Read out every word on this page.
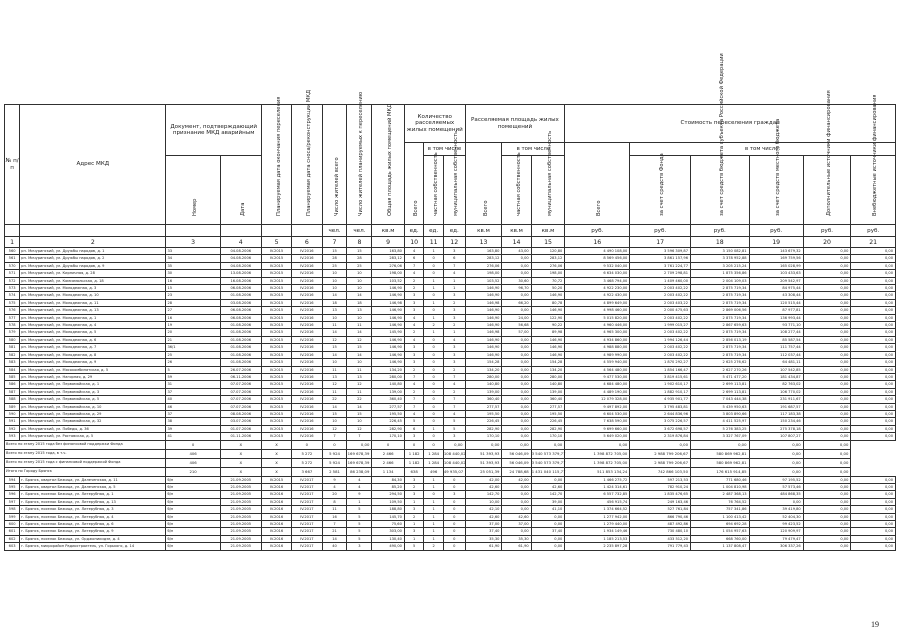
№ п/п	Адрес МКД	Документ, подтверждающий признание МКД аварийным		Планируемая дата окончания переселения	Планируемая дата сноса/реконструкции МКД	Число жителей всего	Число жителей планируемых к переселению	Общая площадь жилых помещений МКД	Количество расселяемых жилых помещений			Расселяемая площадь жилых помещений			Стоимость переселения граждан					

									Всего	в том числе		Всего	в том числе		Всего	в том числе:				

		Номер	Дата							частная собственность	муниципальная собственность		частная собственность	муниципальная собственность		за счет средств Фонда	за счет средств бюджета субъекта Российской Федерации	за счет средств местного бюджета	Дополнительные источники финансирования	Внебюджетные источники финансирования

						чел.	чел.	кв.м	ед.	ед.	ед.	кв.м	кв.м	кв.м	руб.	руб.	руб.	руб.	руб.	руб.
1	2	3	4	5	6	7	8	9	10	11	12	13	14	15	16	17	18	19	20	21
560	рп. Мичуринский, ул. Дружбы народов, д. 1	33	04.08.2006	IV.2015	IV.2016	15	15	163,80	4	1	3	163,80	43,00	120,80	4 490 108,00	3 596 309,87	3 150 082,81	143 679,32	0,00	0,00
561	рп. Мичуринский, ул. Дружбы народов, д. 2	34	04.08.2006	IV.2015	IV.2016	28	28	283,12	6	0	6	283,12	0,00	283,12	8 569 456,00	3 861 157,96	3 378 952,88	169 759,56	0,00	0,00
570	рп. Мичуринский, ул. Дружбы народов, д. 9	35	04.08.2006	IV.2015	IV.2016	25	25	276,06	7	0	7	276,06	0,00	276,06	9 532 040,00	3 761 224,77	3 205 215,24	165 028,99	0,00	0,00
571	рп. Мичуринский, ул. Кирпичная, д. 28	30	13.08.2006	IV.2015	IV.2016	10	10	198,00	4	0	4	198,00	0,00	198,00	6 634 030,00	2 709 298,81	1 875 356,86	103 433,63	0,00	0,00
572	рп. Мичуринский, ул. Комсомольская, д. 18	16	16.08.2006	IV.2015	IV.2016	10	10	103,52	2	1	1	103,52	30,60	70,72	3 468 794,00	1 409 460,00	2 004 109,03	209 542,97	0,00	0,00
573	рп. Мичуринский, ул. Молодежная, д. 3	15	06.08.2006	IV.2015	IV.2016	10	10	146,90	2	1	1	146,90	96,70	50,20	4 922 230,00	2 003 402,22	2 875 719,34	84 975,44	0,00	0,00
574	рп. Мичуринский, ул. Молодежная, д. 10	23	01.08.2006	IV.2015	IV.2016	14	14	146,90	3	0	3	146,90	0,00	146,90	4 922 430,00	2 003 402,22	2 875 719,34	43 308,44	0,00	0,00
575	рп. Мичуринский, ул. Молодежная, д. 11	28	03.08.2006	IV.2015	IV.2016	18	18	146,98	3	1	2	146,98	66,20	80,78	4 899 649,00	2 003 403,22	2 875 719,34	120 515,44	0,00	0,00
576	рп. Мичуринский, ул. Молодежная, д. 13	27	06.08.2006	IV.2015	IV.2016	13	13	146,90	3	0	3	146,90	0,00	146,90	4 998 460,00	2 000 475,63	2 869 006,56	87 977,81	0,00	0,00
577	рп. Мичуринский, ул. Молодежная, д. 1	16	06.08.2006	IV.2015	IV.2016	10	10	146,90	4	1	3	146,90	24,00	122,90	5 015 820,00	2 003 402,22	2 875 719,34	136 993,44	0,00	0,00
578	рп. Мичуринский, ул. Молодежная, д. 4	19	01.08.2006	IV.2015	IV.2016	11	11	146,90	4	2	2	146,90	56,68	90,22	4 960 446,00	1 999 015,27	2 867 659,63	93 771,10	0,00	0,00
579	рп. Мичуринский, ул. Молодежная, д. 5	20	01.08.2006	IV.2015	IV.2016	14	14	145,90	2	1	1	146,98	57,00	89,98	4 965 300,00	2 003 402,22	2 875 719,34	108 277,44	0,00	0,00
580	рп. Мичуринский, ул. Молодежная, д. 6	21	01.08.2006	IV.2015	IV.2016	12	12	146,90	4	0	4	146,90	0,00	146,90	4 934 860,00	1 994 126,44	2 856 013,19	85 587,54	0,00	0,00
581	рп. Мичуринский, ул. Молодежная, д. 7	36/1	01.08.2006	IV.2015	IV.2016	15	15	146,90	3	0	3	146,90	0,00	146,90	4 988 880,00	2 003 402,22	2 875 719,34	111 757,44	0,00	0,00
582	рп. Мичуринский, ул. Молодежная, д. 8	25	01.08.2006	IV.2015	IV.2016	14	14	146,90	3	0	3	146,90	0,00	146,90	4 989 990,00	2 003 402,22	2 875 719,34	112 037,44	0,00	0,00
583	рп. Мичуринский, ул. Молодежная, д. 9	26	01.08.2006	IV.2015	IV.2016	10	10	146,90	3	0	3	154,28	0,00	154,28	4 559 940,00	1 870 292,27	2 625 276,62	64 481,11	0,00	0,00
584	рп. Мичуринский, ул. Мясокомбинатская, д. 5	5	26.07.2006	IV.2015	IV.2016	11	11	134,20	2	0	2	134,20	0,00	134,20	4 564 480,00	1 854 166,47	2 627 270,26	107 542,85	0,00	0,00
585	рп. Мичуринский, ул. Нагорная, д. 29	59	06.11.2006	IV.2015	IV.2016	13	13	280,00	7	0	7	280,00	0,00	280,00	9 477 530,00	3 819 415,61	5 471 477,20	181 434,87	0,00	0,00
586	рп. Мичуринский, ул. Первомайская, д. 1	31	07.07.2006	IV.2015	IV.2016	12	12	140,80	4	0	4	140,80	0,00	140,80	4 684 480,00	1 902 610,17	2 699 113,81	82 763,02	0,00	0,00
587	рп. Мичуринский, ул. Первомайская, д. 3	37	07.07.2006	IV.2015	IV.2016	11	11	139,00	2	0	2	139,00	0,00	139,00	4 489 190,00	1 882 910,17	2 699 113,81	106 770,02	0,00	0,00
588	рп. Мичуринский, ул. Первомайская, д. 5	40	07.07.2006	IV.2015	IV.2016	22	22	360,40	7	0	7	360,40	0,00	360,40	12 079 328,00	4 935 901,77	7 043 444,38	231 911,67	0,00	0,00
589	рп. Мичуринский, ул. Первомайская, д. 10	46	07.07.2006	IV.2015	IV.2016	14	14	277,57	7	0	7	277,57	0,00	277,57	9 497 892,00	3 795 483,81	5 439 950,63	191 687,57	0,00	0,00
590	рп. Мичуринский, ул. Первомайская, д. 29	37	08.08.2006	IV.2015	IV.2016	15	15	195,50	4	0	4	195,50	0,00	195,50	6 604 530,00	2 644 836,96	3 803 890,66	117 183,38	0,00	0,00
591	рп. Мичуринский, ул. Первомайская, д. 32	38	03.07.2006	IV.2015	IV.2016	10	10	226,45	5	0	5	226,45	0,00	226,45	7 638 590,00	3 075 226,57	4 411 525,97	150 234,46	0,00	0,00
592	рп. Мичуринский, ул. Победы, д. 36	39	01.07.2006	IV.2015	IV.2016	12	12	282,90	6	1	5	282,90	0,00	282,90	9 699 660,00	3 672 698,57	5 276 383,25	275 378,18	0,00	0,00
593	рп. Мичуринский, ул. Ростовская, д. 5	41	01.11.2006	IV.2015	IV.2016	7	7	170,10	3	0	3	170,10	0,00	170,10	5 649 020,00	2 319 876,84	3 327 767,09	107 807,27	0,00	0,00
Всего по этапу 2015 года без финансовой поддержки Фонда		0	Х	Х	0	0	0,00	0	0	0	0,00	0,00	0,00	0,00	0,00	0,00	0,00	0,00	0,00	
Всего по этапу 2015 года, в т.ч.		406	Х	Х	5 272	5 924	169 678,39	2 466	1 182	1 284	108 440,02	51 393,93	56 046,09	3 540 573 379,77	1 398 872 705,00	2 988 799 206,67	580 869 962,81	0,00	0,00	
Всего по этапу 2015 года с финансовой поддержкой Фонда		406	Х	Х	5 272	5 924	169 678,39	2 466	1 182	1 284	108 440,02	51 393,93	56 046,09	3 540 573 379,77	1 398 872 705,00	2 988 799 206,67	580 869 962,81	0,00	0,00	
Итого по Городу Брянск		210	Х	Х	3 667	2 581	86 238,09	1 134	638	496	49 935,07	25 051,39	24 788,68	1 431 040 115,77	511 853 134,24	742 866 103,50	176 615 914,85	0,00	0,00	
594	г. Брянск, квартал Бежица, ул. Далеченская, д. 11	б/н	21.09.2005	IV.2015	IV.2017	9	4	84,30	3	1	0	42,00	42,00	0,00	1 466 275,72	597 213,53	771 680,46	97 195,52	0,00	0,00
595	г. Брянск, квартал Бежица, ул. Далеченская, д. 5	б/н	21.09.2005	IV.2016	IV.2017	4	4	85,20	2	1	0	42,60	0,00	42,60	1 424 314,61	782 910,24	1 004 810,98	57 573,46	0,00	0,00
596	г. Брянск, поселок Бежица, ул. Литерубная, д. 1	б/н	21.09.2005	IV.2016	IV.2017	20	9	294,50	3	0	3	142,70	0,00	142,70	6 557 732,85	1 835 476,65	2 487 368,13	484 868,35	0,00	0,00
597	г. Брянск, поселок Бежица, ул. Литерубная, д. 13	б/н	21.09.2005	IV.2016	IV.2017	8	1	109,50	1	1	0	10,00	0,00	39,00	456 915,74	249 163,46	76 764,52	0,00	0,00	0,00
598	г. Брянск, поселок Бежица, ул. Литерубная, д. 3	б/н	21.09.2005	IV.2016	IV.2017	11	5	188,80	3	1	0	42,10	0,00	41,10	1 374 664,52	527 761,84	757 341,86	39 419,80	0,00	0,00
599	г. Брянск, поселок Бежица, ул. Литерубная, д. 4	б/н	21.09.2005	IV.2016	IV.2017	16	5	145,70	2	1	0	42,60	42,60	0,00	1 277 942,00	866 790,46	1 100 413,42	52 404,30	0,00	0,00
600	г. Брянск, поселок Бежица, ул. Литерубная, д. 6	б/н	21.09.2005	IV.2016	IV.2017	7	5	75,60	1	1	0	37,00	37,00	0,00	1 279 440,00	487 492,86	694 692,28	99 423,52	0,00	0,00
601	г. Брянск, поселок Бежица, ул. Литерубная, д. 9	б/н	21.09.2005	IV.2016	IV.2017	21	5	303,00	3	1	0	37,40	0,00	37,40	1 934 149,46	730 480,10	1 054 957,63	120 909,97	0,00	0,00
602	г. Брянск, поселок Бежица, ул. Орджоникидзе, д. 4	б/н	21.09.2005	IV.2016	IV.2017	14	5	130,40	1	1	0	35,30	35,30	0,00	1 185 213,53	433 512,20	668 760,00	79 479,47	0,00	0,00
603	г. Брянск, микрорайон Радиостроитель, ул. Горького, д. 14	б/н	21.09.2005	IV.2016	IV.2017	40	3	490,00	5	2	0	61,90	61,90	0,00	2 235 897,28	791 779,43	1 137 808,47	306 337,26	0,00	0,00
19
